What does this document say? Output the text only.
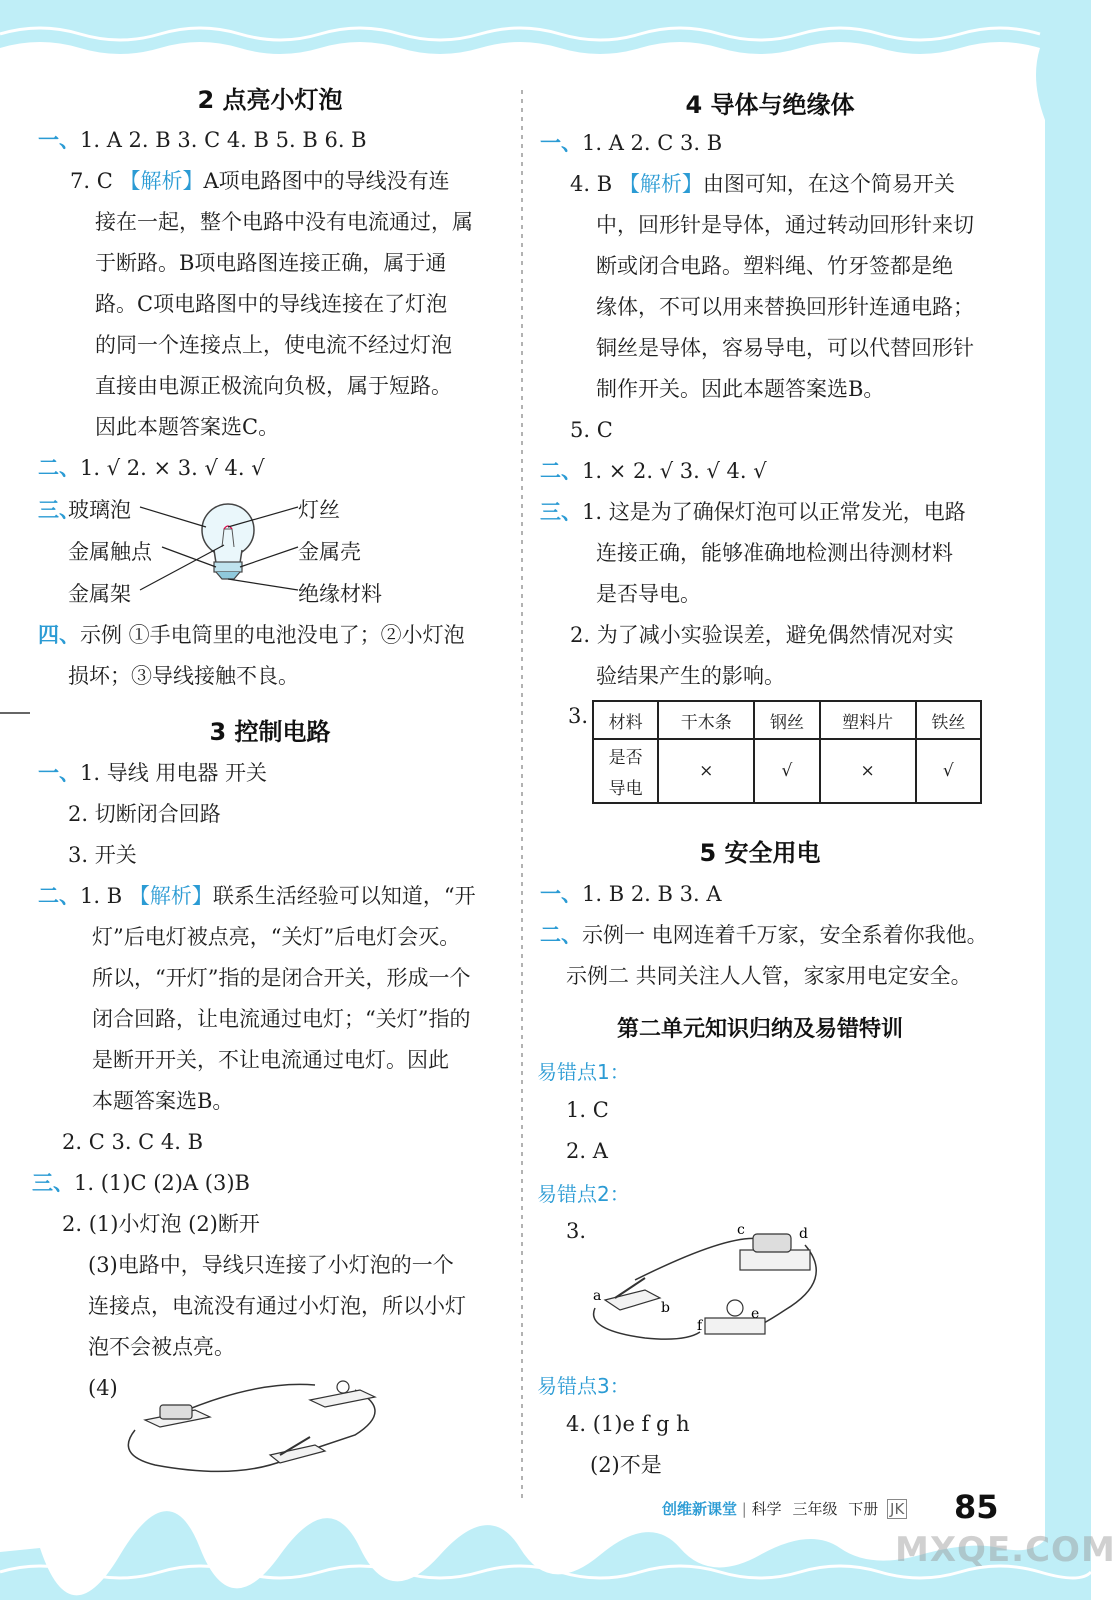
2 点亮小灯泡
一、1. A 2. B 3. C 4. B 5. B 6. B
7. C 【解析】A项电路图中的导线没有连
接在一起，整个电路中没有电流通过，属
于断路。B项电路图连接正确，属于通
路。C项电路图中的导线连接在了灯泡
的同一个连接点上，使电流不经过灯泡
直接由电源正极流向负极，属于短路。
因此本题答案选C。
二、1. √ 2. × 3. √ 4. √
三、
玻璃泡
金属触点
金属架
灯丝
金属壳
绝缘材料
四、示例 ①手电筒里的电池没电了；②小灯泡
损坏；③导线接触不良。
3 控制电路
一、1. 导线 用电器 开关
2. 切断闭合回路
3. 开关
二、1. B 【解析】联系生活经验可以知道，“开
灯”后电灯被点亮，“关灯”后电灯会灭。
所以，“开灯”指的是闭合开关，形成一个
闭合回路，让电流通过电灯；“关灯”指的
是断开开关，不让电流通过电灯。因此
本题答案选B。
2. C 3. C 4. B
三、1. (1)C (2)A (3)B
2. (1)小灯泡 (2)断开
(3)电路中，导线只连接了小灯泡的一个
连接点，电流没有通过小灯泡，所以小灯
泡不会被点亮。
(4)
4 导体与绝缘体
一、1. A 2. C 3. B
4. B 【解析】由图可知，在这个简易开关
中，回形针是导体，通过转动回形针来切
断或闭合电路。塑料绳、竹牙签都是绝
缘体，不可以用来替换回形针连通电路；
铜丝是导体，容易导电，可以代替回形针
制作开关。因此本题答案选B。
5. C
二、1. × 2. √ 3. √ 4. √
三、1. 这是为了确保灯泡可以正常发光，电路
连接正确，能够准确地检测出待测材料
是否导电。
2. 为了减小实验误差，避免偶然情况对实
验结果产生的影响。
3. 材料	干木条	钢丝	塑料片	铁丝

是否
导电	×	√	×	√
5 安全用电
一、1. B 2. B 3. A
二、示例一 电网连着千万家，安全系着你我他。
示例二 共同关注人人管，家家用电定安全。
第二单元知识归纳及易错特训
易错点1：
1. C
2. A
易错点2：
3.	c	d
a
b
f
e
易错点3：
4. (1)e f g h
(2)不是
创维新课堂 | 科学 三年级 下册 JK 85
MXQE.COM
